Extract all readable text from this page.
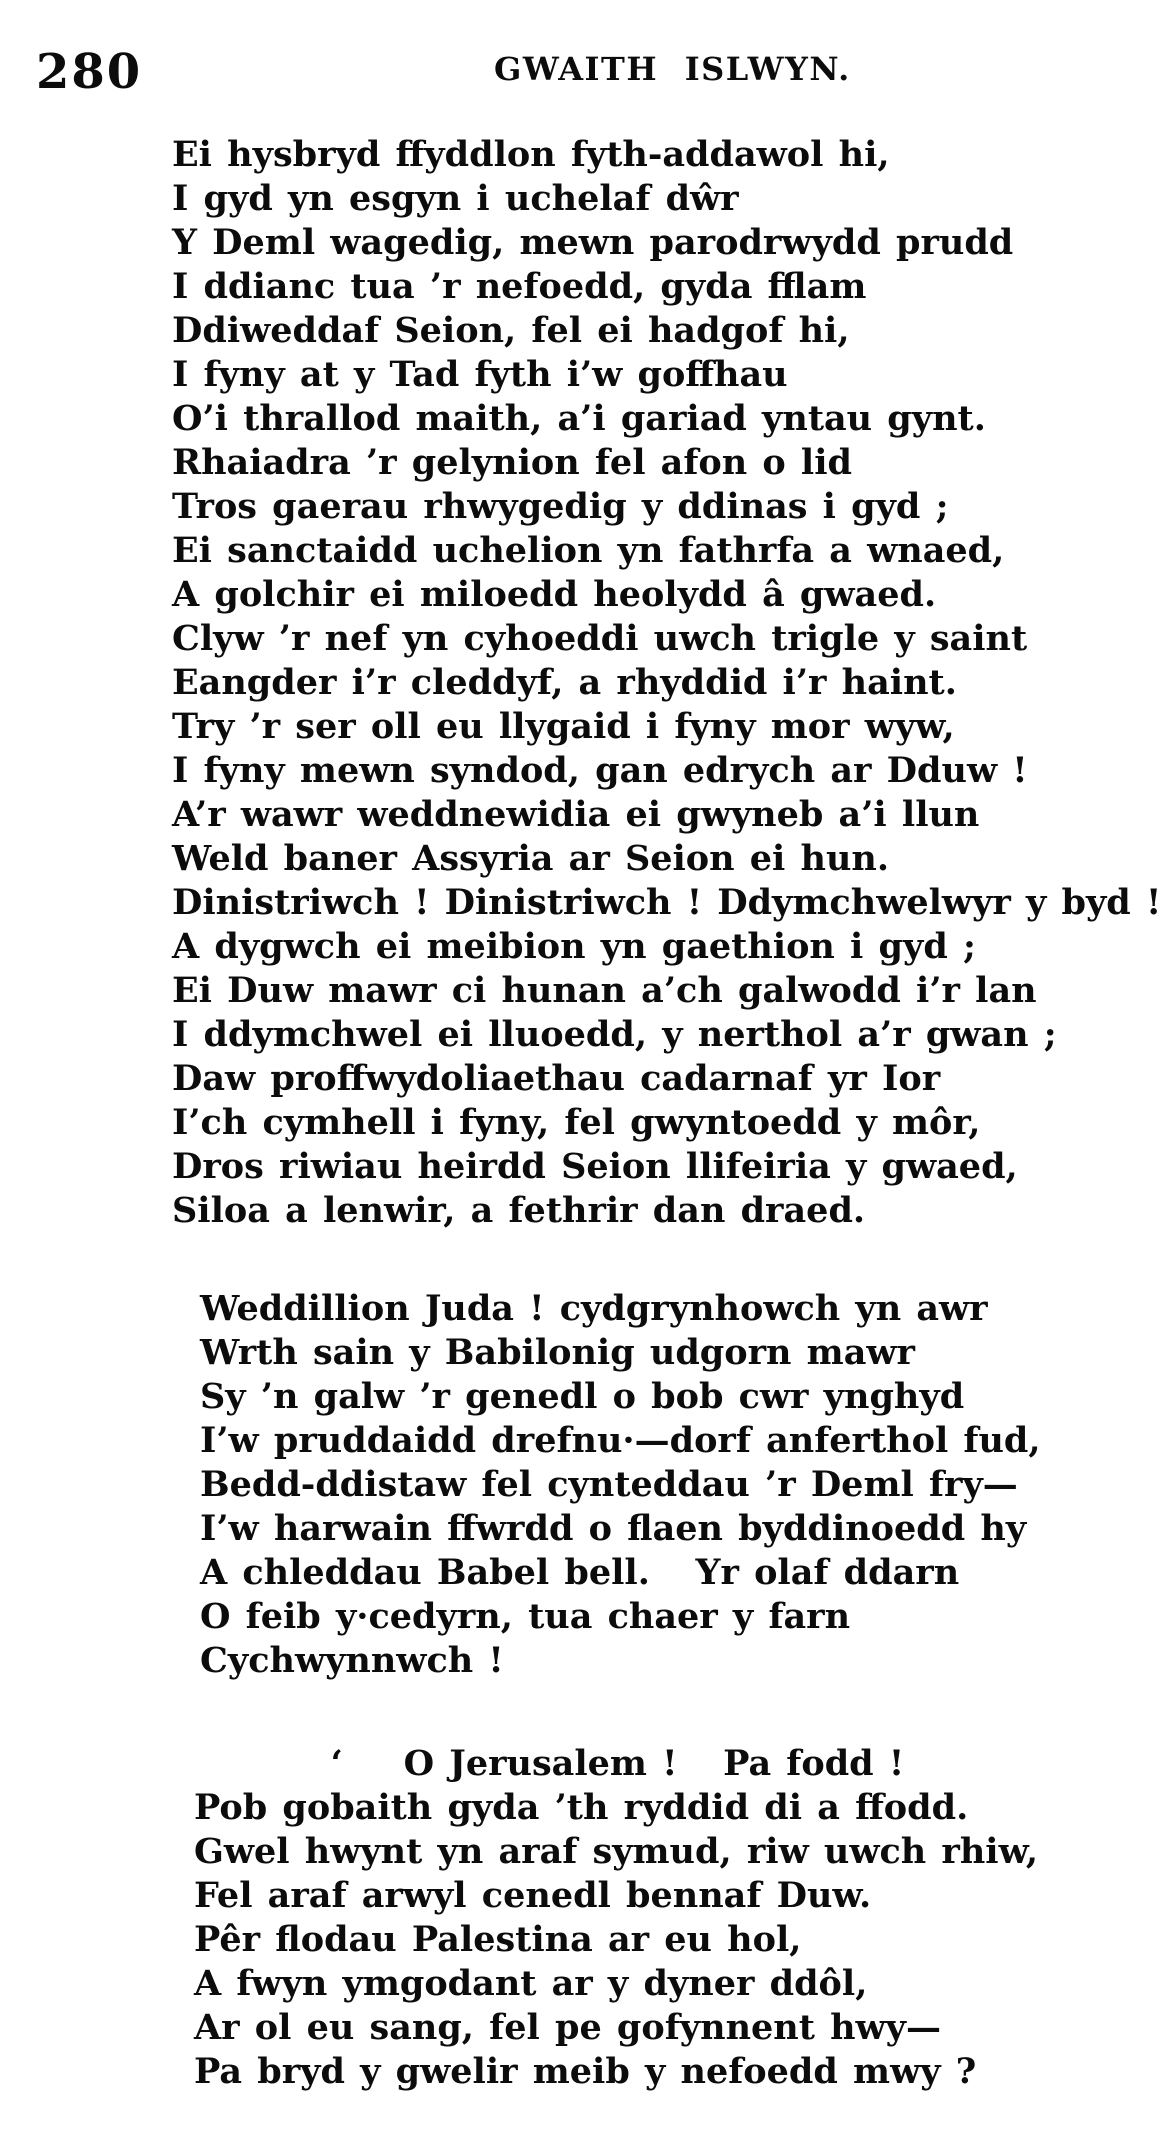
280	GWAITH ISLWYN.
Ei hysbryd ffyddlon fyth-addawol hi,
I gyd yn esgyn i uchelaf dŵr
Y Deml wagedig, mewn parodrwydd prudd
I ddianc tua ’r nefoedd, gyda fflam
Ddiweddaf Seion, fel ei hadgof hi,
I fyny at y Tad fyth i’w goffhau
O’i thrallod maith, a’i gariad yntau gynt.
Rhaiadra ’r gelynion fel afon o lid
Tros gaerau rhwygedig y ddinas i gyd ;
Ei sanctaidd uchelion yn fathrfa a wnaed,
A golchir ei miloedd heolydd â gwaed.
Clyw ’r nef yn cyhoeddi uwch trigle y saint
Eangder i’r cleddyf, a rhyddid i’r haint.
Try ’r ser oll eu llygaid i fyny mor wyw,
I fyny mewn syndod, gan edrych ar Dduw !
A’r wawr weddnewidia ei gwyneb a’i llun
Weld baner Assyria ar Seion ei hun.
Dinistriwch ! Dinistriwch ! Ddymchwelwyr y byd !
A dygwch ei meibion yn gaethion i gyd ;
Ei Duw mawr ci hunan a’ch galwodd i’r lan
I ddymchwel ei lluoedd, y nerthol a’r gwan ;
Daw proffwydoliaethau cadarnaf yr Ior
I’ch cymhell i fyny, fel gwyntoedd y môr,
Dros riwiau heirdd Seion llifeiria y gwaed,
Siloa a lenwir, a fethrir dan draed.
Weddillion Juda ! cydgrynhowch yn awr
Wrth sain y Babilonig udgorn mawr
Sy ’n galw ’r genedl o bob cwr ynghyd
I’w pruddaidd drefnu·—dorf anferthol fud,
Bedd-ddistaw fel cynteddau ’r Deml fry—
I’w harwain ffwrdd o flaen byddinoedd hy
A chleddau Babel bell.   Yr olaf ddarn
O feib y·cedyrn, tua chaer y farn
Cychwynnwch !
‘    O Jerusalem !   Pa fodd !
Pob gobaith gyda ’th ryddid di a ffodd.
Gwel hwynt yn araf symud, riw uwch rhiw,
Fel araf arwyl cenedl bennaf Duw.
Pêr flodau Palestina ar eu hol,
A fwyn ymgodant ar y dyner ddôl,
Ar ol eu sang, fel pe gofynnent hwy—
Pa bryd y gwelir meib y nefoedd mwy ?
